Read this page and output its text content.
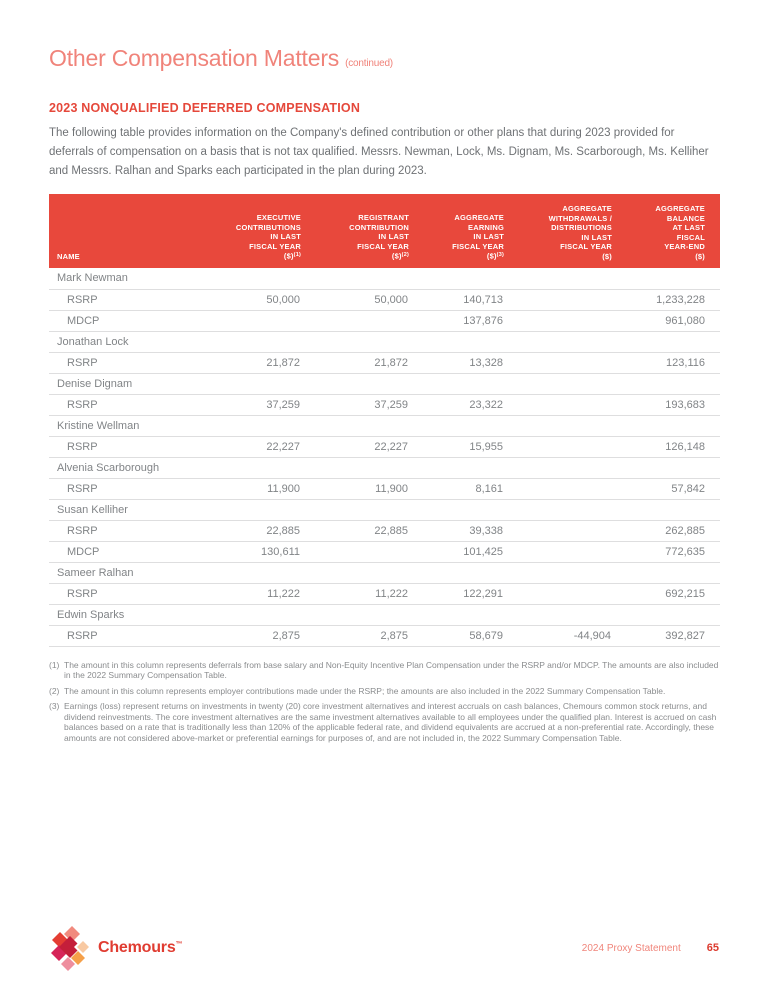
Other Compensation Matters (continued)
2023 NONQUALIFIED DEFERRED COMPENSATION

The following table provides information on the Company's defined contribution or other plans that during 2023 provided for deferrals of compensation on a basis that is not tax qualified. Messrs. Newman, Lock, Ms. Dignam, Ms. Scarborough, Ms. Kelliher and Messrs. Ralhan and Sparks each participated in the plan during 2023.

NAME	EXECUTIVE
CONTRIBUTIONS
IN LAST
FISCAL YEAR
($)$^{(1)}$	REGISTRANT
CONTRIBUTION
IN LAST
FISCAL YEAR
($)$^{(2)}$	AGGREGATE
EARNING
IN LAST
FISCAL YEAR
($)$^{(3)}$	AGGREGATE
WITHDRAWALS /
DISTRIBUTIONS
IN LAST
FISCAL YEAR
($)	AGGREGATE
BALANCE
AT LAST
FISCAL
YEAR-END
($)
Mark Newman					
RSRP	50,000	50,000	140,713		1,233,228
MDCP			137,876		961,080
Jonathan Lock					
RSRP	21,872	21,872	13,328		123,116
Denise Dignam					
RSRP	37,259	37,259	23,322		193,683
Kristine Wellman					
RSRP	22,227	22,227	15,955		126,148
Alvenia Scarborough					
RSRP	11,900	11,900	8,161		57,842
Susan Kelliher					
RSRP	22,885	22,885	39,338		262,885
MDCP	130,611		101,425		772,635
Sameer Ralhan					
RSRP	11,222	11,222	122,291		692,215
Edwin Sparks					
RSRP	2,875	2,875	58,679	-44,904	392,827
(1) The amount in this column represents deferrals from base salary and Non-Equity Incentive Plan Compensation under the RSRP and/or MDCP. The amounts are also included in the 2022 Summary Compensation Table.
(2) The amount in this column represents employer contributions made under the RSRP; the amounts are also included in the 2022 Summary Compensation Table.
(3) Earnings (loss) represent returns on investments in twenty (20) core investment alternatives and interest accruals on cash balances, Chemours common stock returns, and dividend reinvestments. The core investment alternatives are the same investment alternatives available to all employees under the qualified plan. Interest is accrued on cash balances based on a rate that is traditionally less than 120% of the applicable federal rate, and dividend equivalents are accrued at a non-preferential rate. Accordingly, these amounts are not considered above-market or preferential earnings for purposes of, and are not included in, the 2022 Summary Compensation Table.
Chemours™	2024 Proxy Statement 65
